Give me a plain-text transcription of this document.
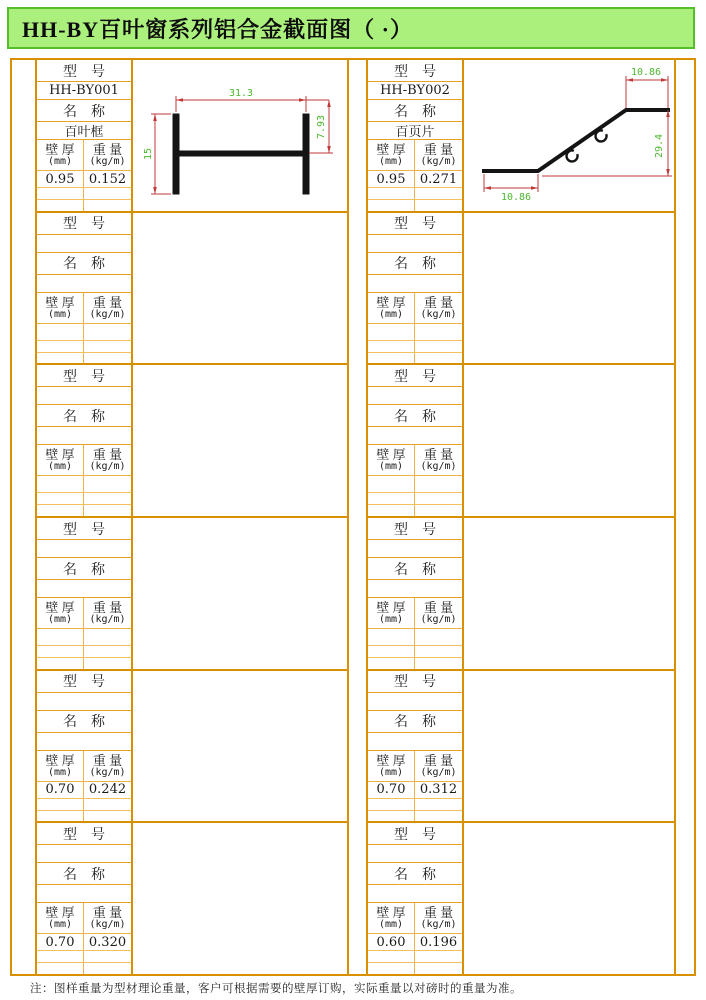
HH-BY百叶窗系列铝合金截面图（ ·）
型　号
HH-BY001
名　称
百叶框
壁 厚
(mm)
重 量
(kg/m)
0.95	0.152
31.3
7.93
15
型　号
名　称
壁 厚
(mm)
重 量
(kg/m)
型　号
名　称
壁 厚
(mm)
重 量
(kg/m)
型　号
名　称
壁 厚
(mm)
重 量
(kg/m)
型　号
名　称
壁 厚
(mm)
重 量
(kg/m)
0.70	0.242
型　号
名　称
壁 厚
(mm)
重 量
(kg/m)
0.70	0.320
型　号
HH-BY002
名　称
百页片
壁 厚
(mm)
重 量
(kg/m)
0.95	0.271
10.86
29.4
10.86
型　号
名　称
壁 厚
(mm)
重 量
(kg/m)
型　号
名　称
壁 厚
(mm)
重 量
(kg/m)
型　号
名　称
壁 厚
(mm)
重 量
(kg/m)
型　号
名　称
壁 厚
(mm)
重 量
(kg/m)
0.70	0.312
型　号
名　称
壁 厚
(mm)
重 量
(kg/m)
0.60	0.196
注：图样重量为型材理论重量，客户可根据需要的壁厚订购，实际重量以对磅时的重量为准。
